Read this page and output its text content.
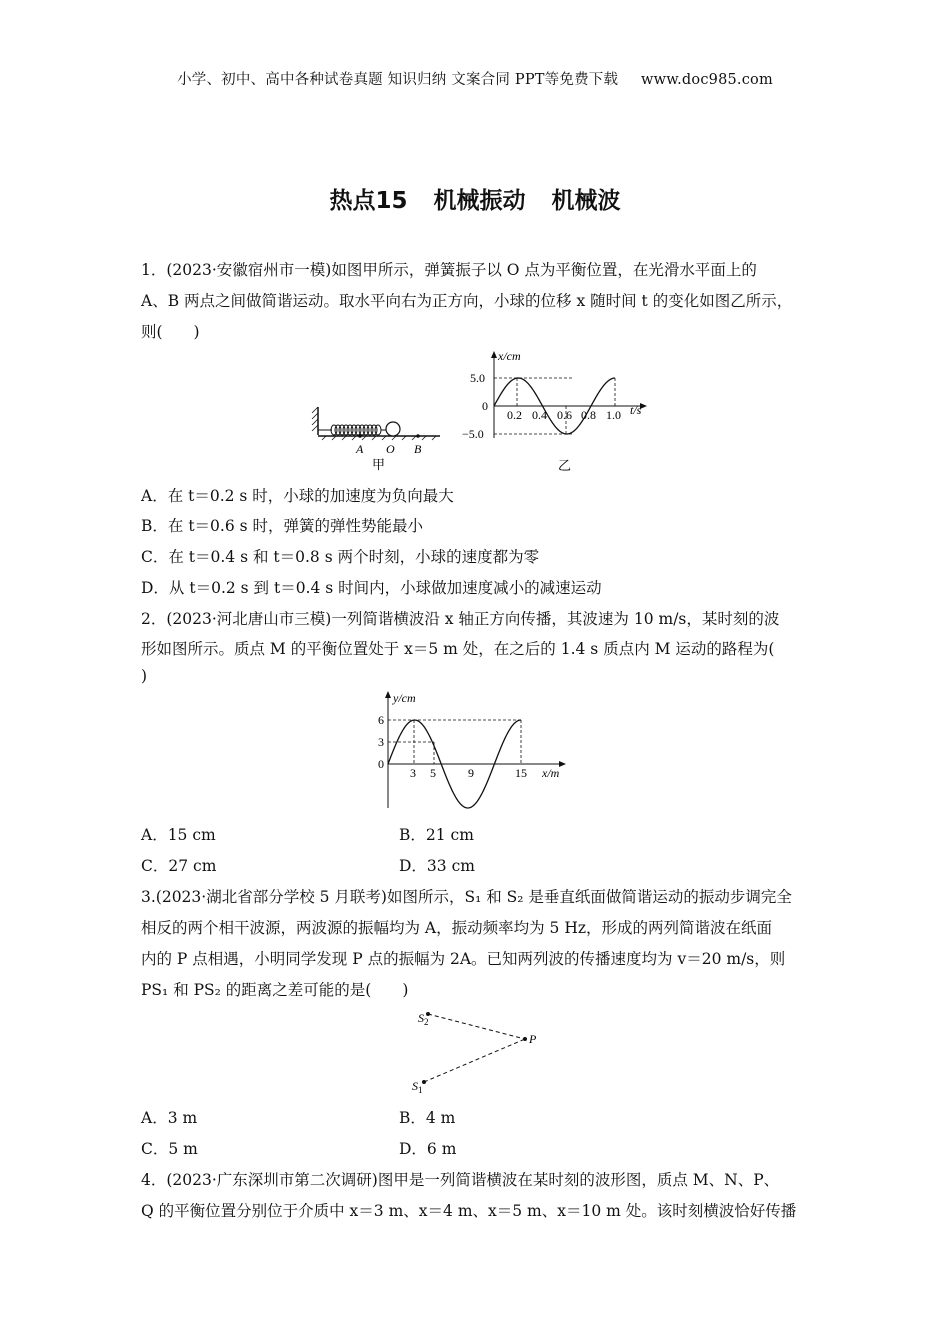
小学、初中、高中各种试卷真题 知识归纳 文案合同 PPT等免费下载 www.doc985.com
热点15 机械振动 机械波
1．(2023·安徽宿州市一模)如图甲所示，弹簧振子以 O 点为平衡位置，在光滑水平面上的
A、B 两点之间做简谐运动。取水平向右为正方向，小球的位移 x 随时间 t 的变化如图乙所示，
则(　　)
A O B
甲
x/cm
t/s
5.0
0
−5.0
0.2 0.4 0.6 0.8 1.0
乙
A．在 t＝0.2 s 时，小球的加速度为负向最大
B．在 t＝0.6 s 时，弹簧的弹性势能最小
C．在 t＝0.4 s 和 t＝0.8 s 两个时刻，小球的速度都为零
D．从 t＝0.2 s 到 t＝0.4 s 时间内，小球做加速度减小的减速运动
2．(2023·河北唐山市三模)一列简谐横波沿 x 轴正方向传播，其波速为 10 m/s，某时刻的波
形如图所示。质点 M 的平衡位置处于 x＝5 m 处，在之后的 1.4 s 质点内 M 运动的路程为(
)
y/cm
x/m
6
3
0
3 5	9	15
A．15 cm	B．21 cm
C．27 cm	D．33 cm
3.(2023·湖北省部分学校 5 月联考)如图所示，S₁ 和 S₂ 是垂直纸面做简谐运动的振动步调完全
相反的两个相干波源，两波源的振幅均为 A，振动频率均为 5 Hz，形成的两列简谐波在纸面
内的 P 点相遇，小明同学发现 P 点的振幅为 2A。已知两列波的传播速度均为 v＝20 m/s，则
PS₁ 和 PS₂ 的距离之差可能的是(　　)
$S_2$
$S_1$
P
A．3 m	B．4 m
C．5 m	D．6 m
4．(2023·广东深圳市第二次调研)图甲是一列简谐横波在某时刻的波形图，质点 M、N、P、
Q 的平衡位置分别位于介质中 x＝3 m、x＝4 m、x＝5 m、x＝10 m 处。该时刻横波恰好传播
